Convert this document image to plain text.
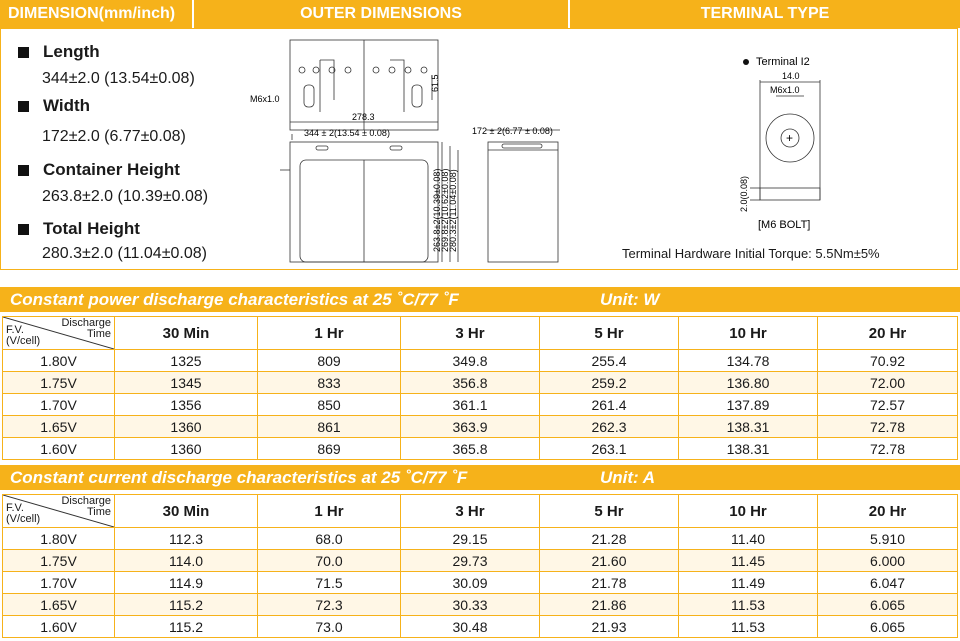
DIMENSION(mm/inch)	OUTER DIMENSIONS	TERMINAL TYPE
Length
344±2.0 (13.54±0.08)
Width
172±2.0 (6.77±0.08)
Container Height
263.8±2.0 (10.39±0.08)
Total Height
280.3±2.0 (11.04±0.08)
M6x1.0
61.5
278.3
344 ± 2(13.54 ± 0.08)	172 ± 2(6.77 ± 0.08)
263.8±2(10.39±0.08)
269.8±2(10.62±0.08)
280.3±2(11.04±0.08)
Terminal I2
+
14.0
M6x1.0
2.0(0.08)
[M6 BOLT]
Terminal Hardware Initial Torque: 5.5Nm±5%
Constant power discharge characteristics at 25 ˚C/77 ˚F	Unit: W
Discharge
Time
F.V.
(V/cell)	30 Min	1 Hr	3 Hr	5 Hr	10 Hr	20 Hr
1.80V	1325	809	349.8	255.4	134.78	70.92
1.75V	1345	833	356.8	259.2	136.80	72.00
1.70V	1356	850	361.1	261.4	137.89	72.57
1.65V	1360	861	363.9	262.3	138.31	72.78
1.60V	1360	869	365.8	263.1	138.31	72.78
Constant current discharge characteristics at 25 ˚C/77 ˚F	Unit: A
Discharge
Time
F.V.
(V/cell)	30 Min	1 Hr	3 Hr	5 Hr	10 Hr	20 Hr
1.80V	112.3	68.0	29.15	21.28	11.40	5.910
1.75V	114.0	70.0	29.73	21.60	11.45	6.000
1.70V	114.9	71.5	30.09	21.78	11.49	6.047
1.65V	115.2	72.3	30.33	21.86	11.53	6.065
1.60V	115.2	73.0	30.48	21.93	11.53	6.065
